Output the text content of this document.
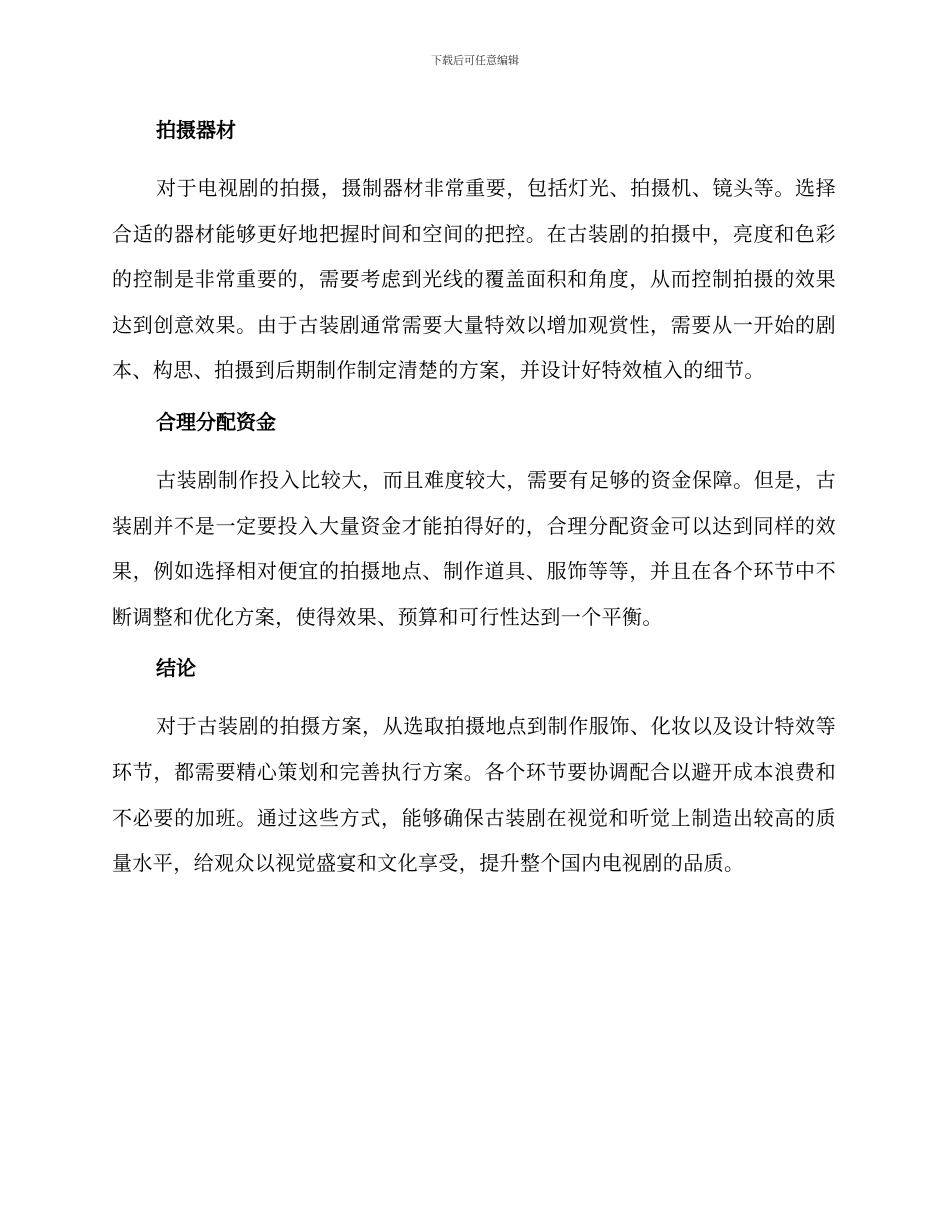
下载后可任意编辑
拍摄器材

对于电视剧的拍摄，摄制器材非常重要，包括灯光、拍摄机、镜头等。选择合适的器材能够更好地把握时间和空间的把控。在古装剧的拍摄中，亮度和色彩的控制是非常重要的，需要考虑到光线的覆盖面积和角度，从而控制拍摄的效果达到创意效果。由于古装剧通常需要大量特效以增加观赏性，需要从一开始的剧本、构思、拍摄到后期制作制定清楚的方案，并设计好特效植入的细节。

合理分配资金

古装剧制作投入比较大，而且难度较大，需要有足够的资金保障。但是，古装剧并不是一定要投入大量资金才能拍得好的，合理分配资金可以达到同样的效果，例如选择相对便宜的拍摄地点、制作道具、服饰等等，并且在各个环节中不断调整和优化方案，使得效果、预算和可行性达到一个平衡。

结论

对于古装剧的拍摄方案，从选取拍摄地点到制作服饰、化妆以及设计特效等环节，都需要精心策划和完善执行方案。各个环节要协调配合以避开成本浪费和不必要的加班。通过这些方式，能够确保古装剧在视觉和听觉上制造出较高的质量水平，给观众以视觉盛宴和文化享受，提升整个国内电视剧的品质。
